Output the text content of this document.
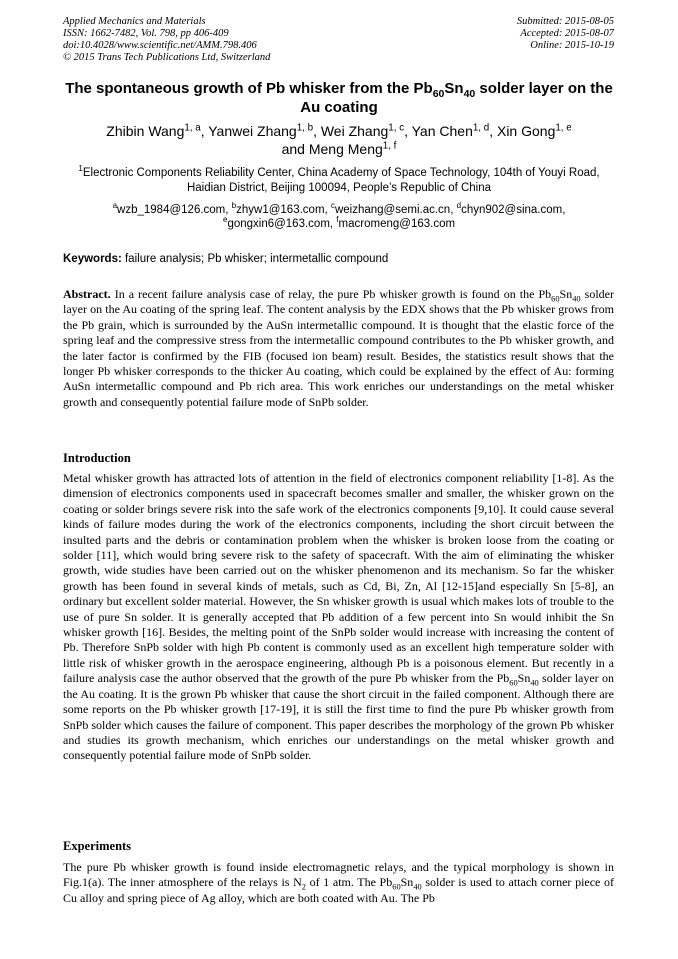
Applied Mechanics and Materials
ISSN: 1662-7482, Vol. 798, pp 406-409
doi:10.4028/www.scientific.net/AMM.798.406
© 2015 Trans Tech Publications Ltd, Switzerland
Submitted: 2015-08-05
Accepted: 2015-08-07
Online: 2015-10-19
The spontaneous growth of Pb whisker from the $Pb_{60}Sn_{40}$ solder layer on the Au coating
Zhibin Wang$^{1, a}$, Yanwei Zhang$^{1, b}$, Wei Zhang$^{1, c}$, Yan Chen$^{1, d}$, Xin Gong$^{1, e}$
and Meng Meng$^{1, f}$
$^1$Electronic Components Reliability Center, China Academy of Space Technology, 104th of Youyi Road, Haidian District, Beijing 100094, People’s Republic of China
$^a$wzb_1984@126.com, $^b$zhyw1@163.com, $^c$weizhang@semi.ac.cn, $^d$chyn902@sina.com,
$^e$gongxin6@163.com, $^f$macromeng@163.com
Keywords: failure analysis; Pb whisker; intermetallic compound
Abstract. In a recent failure analysis case of relay, the pure Pb whisker growth is found on the $Pb_{60}Sn_{40}$ solder layer on the Au coating of the spring leaf. The content analysis by the EDX shows that the Pb whisker grows from the Pb grain, which is surrounded by the AuSn intermetallic compound. It is thought that the elastic force of the spring leaf and the compressive stress from the intermetallic compound contributes to the Pb whisker growth, and the later factor is confirmed by the FIB (focused ion beam) result. Besides, the statistics result shows that the longer Pb whisker corresponds to the thicker Au coating, which could be explained by the effect of Au: forming AuSn intermetallic compound and Pb rich area. This work enriches our understandings on the metal whisker growth and consequently potential failure mode of SnPb solder.
Introduction
Metal whisker growth has attracted lots of attention in the field of electronics component reliability [1-8]. As the dimension of electronics components used in spacecraft becomes smaller and smaller, the whisker grown on the coating or solder brings severe risk into the safe work of the electronics components [9,10]. It could cause several kinds of failure modes during the work of the electronics components, including the short circuit between the insulted parts and the debris or contamination problem when the whisker is broken loose from the coating or solder [11], which would bring severe risk to the safety of spacecraft. With the aim of eliminating the whisker growth, wide studies have been carried out on the whisker phenomenon and its mechanism. So far the whisker growth has been found in several kinds of metals, such as Cd, Bi, Zn, Al [12-15]and especially Sn [5-8], an ordinary but excellent solder material. However, the Sn whisker growth is usual which makes lots of trouble to the use of pure Sn solder. It is generally accepted that Pb addition of a few percent into Sn would inhibit the Sn whisker growth [16]. Besides, the melting point of the SnPb solder would increase with increasing the content of Pb. Therefore SnPb solder with high Pb content is commonly used as an excellent high temperature solder with little risk of whisker growth in the aerospace engineering, although Pb is a poisonous element. But recently in a failure analysis case the author observed that the growth of the pure Pb whisker from the $Pb_{60}Sn_{40}$ solder layer on the Au coating. It is the grown Pb whisker that cause the short circuit in the failed component. Although there are some reports on the Pb whisker growth [17-19], it is still the first time to find the pure Pb whisker growth from SnPb solder which causes the failure of component. This paper describes the morphology of the grown Pb whisker and studies its growth mechanism, which enriches our understandings on the metal whisker growth and consequently potential failure mode of SnPb solder.
Experiments
The pure Pb whisker growth is found inside electromagnetic relays, and the typical morphology is shown in Fig.1(a). The inner atmosphere of the relays is $N_2$ of 1 atm. The $Pb_{60}Sn_{40}$ solder is used to attach corner piece of Cu alloy and spring piece of Ag alloy, which are both coated with Au. The Pb
